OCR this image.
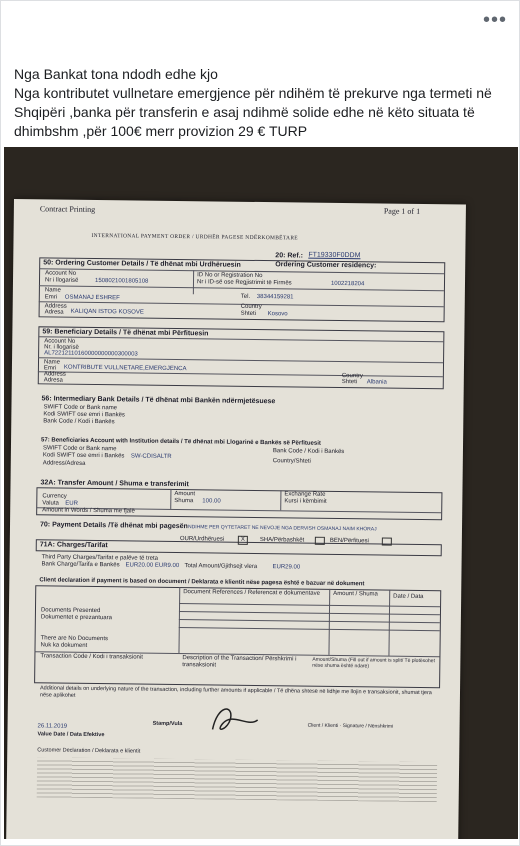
•••

Nga Bankat tona ndodh edhe kjo

Nga kontributet vullnetare emergjence për ndihëm të prekurve nga termeti në Shqipëri ,banka për transferin e asaj ndihmë solide edhe në këto situata të dhimbshm ,për 100€ merr provizion 29 € TURP

Contract Printing	Page 1 of 1
INTERNATIONAL PAYMENT ORDER / URDHËR PAGESE NDËRKOMBËTARE
20: Ref.: FT19330F0DDM
50: Ordering Customer Details / Të dhënat mbi Urdhëruesin	Ordering Customer residency:
Account No
Nr i llogarisë	1508021001805108
ID No or Registration No
Nr i ID-së ose Regjistrimit të Firmës	1002218204
Name
Emri OSMANAJ ESHREF	Tel. 38344159281
Address
Adresa KALIQAN ISTOG KOSOVE
Country
Shteti Kosovo
59: Beneficiary Details / Të dhënat mbi Përfituesin
Account No
Nr. i llogarisë
AL72212110160000000000300003
Name
Emri KONTRIBUTE VULLNETARE,EMERGJENCA
Address
Adresa
Country
Shteti Albania
56: Intermediary Bank Details / Të dhënat mbi Bankën ndërmjetësuese
SWIFT Code or Bank name
Kodi SWIFT ose emri i Bankës
Bank Code / Kodi i Bankës
57: Beneficiaries Account with Institution details / Të dhënat mbi Llogarinë e Bankës së Përfituesit
SWIFT Code or Bank name	Bank Code / Kodi i Bankës
Kodi SWIFT ose emri i Bankës SW-CDISALTR
Country/Shteti
Address/Adresa
32A: Transfer Amount / Shuma e transferimit
Currency
Valuta EUR
Amount
Shuma 100.00
Exchange Rate
Kursi i këmbimit
Amount in Words / Shuma me fjalë
70: Payment Details /Të dhënat mbi pagesën NDIHME PER QYTETARET NE NEVOJE NGA DERVISH OSMANAJ NAIM KHORAJ
71A: Charges/Tarifat
OUR/Urdhëruesi	X	SHA/Përbashkët	BEN/Përfituesi
Third Party Charges/Tarifat e palëve të treta
Bank Charge/Tarifa e Bankës EUR20.00 EUR9.00 Total Amount/Gjithsejt vlera	EUR29.00
Client declaration if payment is based on document / Deklarata e klientit nëse pagesa është e bazuar në dokument
Document References / Referencat e dokumentave	Amount / Shuma	Date / Data
Documents Presented
Dokumentet e prezantuara
There are No Documents
Nuk ka dokument
Transaction Code / Kodi i transaksionit	Description of the Transaction/ Përshkrimi i transaksionit
Amount/Shuma (Fill out if amount is split/ Të plotësohet nëse shuma është ndarë)
Additional details on underlying nature of the transaction, including further amounts if applicable / Të dhëna shtesë në lidhje me llojin e transaksionit, shumat tjera nëse aplikohet
26.11.2019
Value Date / Data Efektive
Stamp/Vula	Client / Klienti · Signature / Nënshkrimi
Customer Declaration / Deklarata e klientit
